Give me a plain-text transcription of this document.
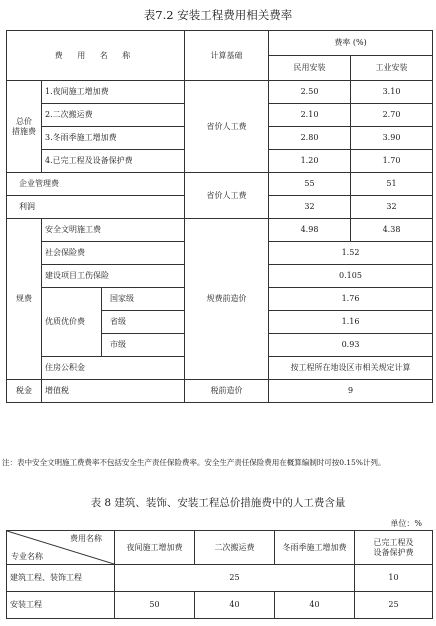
表7.2 安装工程费用相关费率
费 用 名 称			计算基础	费率 (%)	
				民用安装	工业安装
总价
措施费	1.夜间施工增加费		省价人工费	2.50	3.10
	2.二次搬运费			2.10	2.70
	3.冬雨季施工增加费			2.80	3.90
	4.已完工程及设备保护费			1.20	1.70
企业管理费			省价人工费	55	51
利润				32	32
规费	安全文明施工费		规费前造价	4.98	4.38
	社会保险费			1.52	
	建设项目工伤保险			0.105	
	优质优价费	国家级		1.76	
		省级		1.16	
		市级		0.93	
	住房公积金			按工程所在地设区市相关规定计算	
税金	增值税		税前造价	9	
注：表中安全文明施工费费率不包括安全生产责任保险费率。安全生产责任保险费用在概算编制时可按0.15%计列。
表 8 建筑、装饰、安装工程总价措施费中的人工费含量
单位：%
费用名称
专业名称	夜间施工增加费	二次搬运费	冬雨季施工增加费	已完工程及
设备保护费
建筑工程、装饰工程	25			10
安装工程	50	40	40	25
